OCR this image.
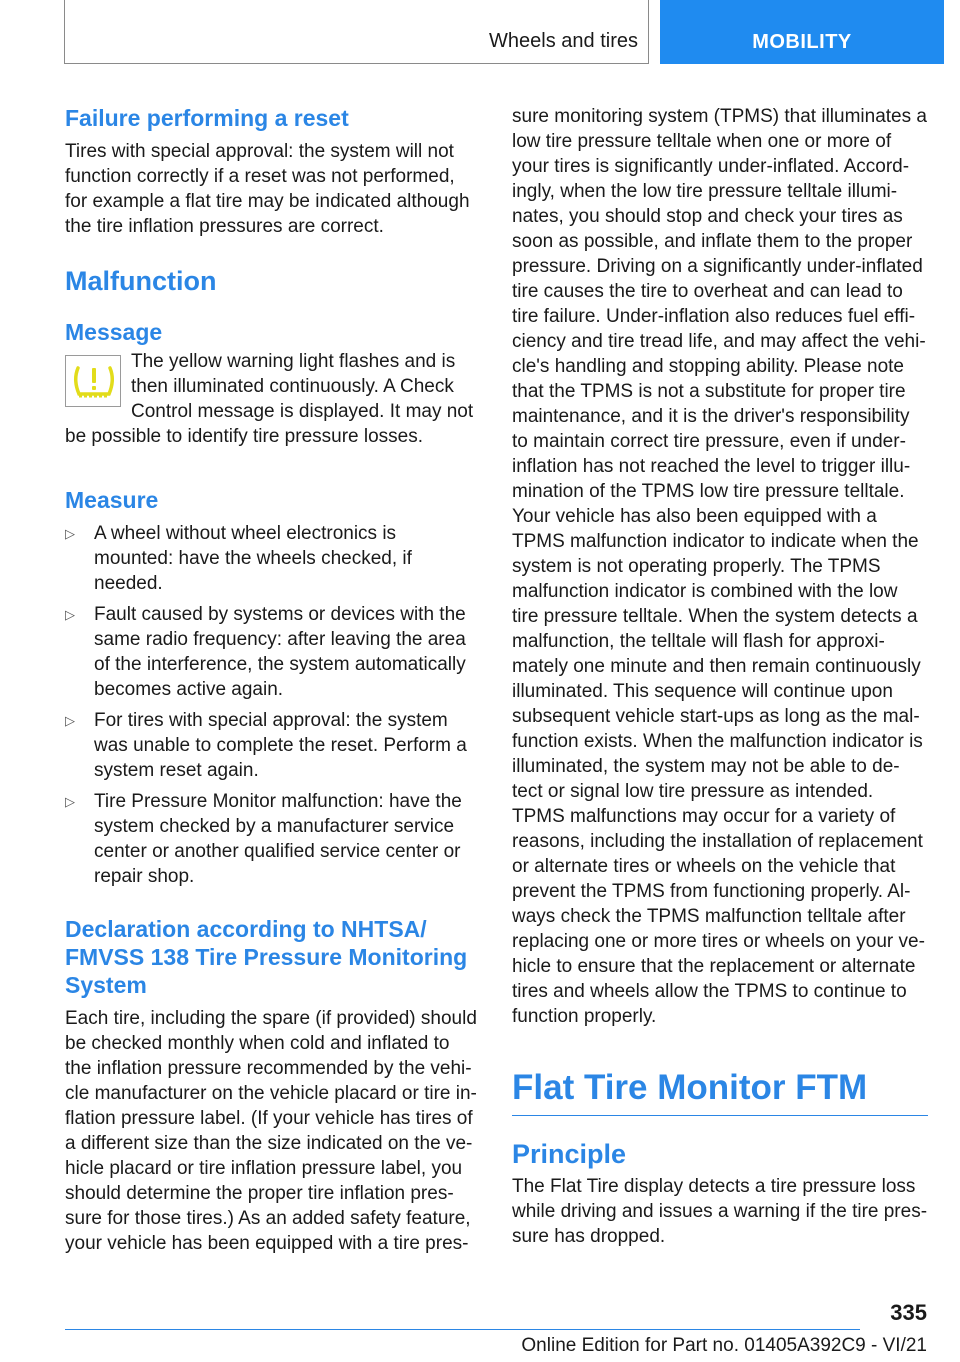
Wheels and tires	MOBILITY
Failure performing a reset

Tires with special approval: the system will not function correctly if a reset was not performed, for example a flat tire may be indicated although the tire inflation pressures are correct.

Malfunction
Message

The yellow warning light flashes and is then illuminated continuously. A Check Control message is displayed. It may not

be possible to identify tire pressure losses.

Measure
▷ A wheel without wheel electronics is mounted: have the wheels checked, if needed.
▷ Fault caused by systems or devices with the same radio frequency: after leaving the area of the interference, the system automatically becomes active again.
▷ For tires with special approval: the system was unable to complete the reset. Perform a system reset again.
▷ Tire Pressure Monitor malfunction: have the system checked by a manufacturer service center or another qualified service center or repair shop.
Declaration according to NHTSA/ FMVSS 138 Tire Pressure Monitoring System

Each tire, including the spare (if provided) should be checked monthly when cold and inflated to the inflation pressure recommended by the vehi‐ cle manufacturer on the vehicle placard or tire in‐ flation pressure label. (If your vehicle has tires of a different size than the size indicated on the ve‐ hicle placard or tire inflation pressure label, you should determine the proper tire inflation pres‐ sure for those tires.) As an added safety feature, your vehicle has been equipped with a tire pres‐

sure monitoring system (TPMS) that illuminates a low tire pressure telltale when one or more of your tires is significantly under-inflated. Accord‐ ingly, when the low tire pressure telltale illumi‐ nates, you should stop and check your tires as soon as possible, and inflate them to the proper pressure. Driving on a significantly under-inflated tire causes the tire to overheat and can lead to tire failure. Under-inflation also reduces fuel effi‐ ciency and tire tread life, and may affect the vehi‐ cle's handling and stopping ability. Please note that the TPMS is not a substitute for proper tire maintenance, and it is the driver's responsibility to maintain correct tire pressure, even if under- inflation has not reached the level to trigger illu‐ mination of the TPMS low tire pressure telltale.

Your vehicle has also been equipped with a TPMS malfunction indicator to indicate when the system is not operating properly. The TPMS malfunction indicator is combined with the low tire pressure telltale. When the system detects a malfunction, the telltale will flash for approxi‐ mately one minute and then remain continuously illuminated. This sequence will continue upon subsequent vehicle start-ups as long as the mal‐ function exists. When the malfunction indicator is illuminated, the system may not be able to de‐ tect or signal low tire pressure as intended.

TPMS malfunctions may occur for a variety of reasons, including the installation of replacement or alternate tires or wheels on the vehicle that prevent the TPMS from functioning properly. Al‐ ways check the TPMS malfunction telltale after replacing one or more tires or wheels on your ve‐ hicle to ensure that the replacement or alternate tires and wheels allow the TPMS to continue to function properly.

Flat Tire Monitor FTM
Principle

The Flat Tire display detects a tire pressure loss while driving and issues a warning if the tire pres‐ sure has dropped.

335
Online Edition for Part no. 01405A392C9 - VI/21
